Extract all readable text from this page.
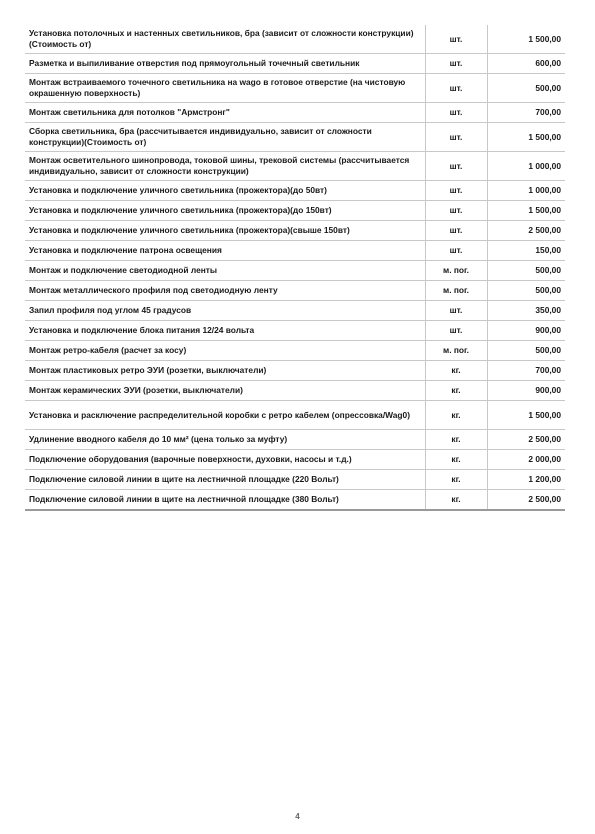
Установка потолочных и настенных светильников, бра (зависит от сложности конструкции)(Стоимость от)	шт.	1 500,00
Разметка и выпиливание отверстия под прямоугольный точечный светильник	шт.	600,00
Монтаж встраиваемого точечного светильника на wago в готовое отверстие (на чистовую окрашенную поверхность)	шт.	500,00
Монтаж светильника для потолков "Армстронг"	шт.	700,00
Сборка светильника, бра (рассчитывается индивидуально, зависит от сложности конструкции)(Стоимость от)	шт.	1 500,00
Монтаж осветительного шинопровода, токовой шины, трековой системы (рассчитывается индивидуально, зависит от сложности конструкции)	шт.	1 000,00
Установка и подключение уличного светильника (прожектора)(до 50вт)	шт.	1 000,00
Установка и подключение уличного светильника (прожектора)(до 150вт)	шт.	1 500,00
Установка и подключение уличного светильника (прожектора)(свыше 150вт)	шт.	2 500,00
Установка и подключение патрона освещения	шт.	150,00
Монтаж и подключение светодиодной ленты	м. пог.	500,00
Монтаж металлического профиля под светодиодную ленту	м. пог.	500,00
Запил профиля под углом 45 градусов	шт.	350,00
Установка и подключение блока питания 12/24 вольта	шт.	900,00
Монтаж ретро-кабеля (расчет за косу)	м. пог.	500,00
Монтаж пластиковых ретро ЭУИ (розетки, выключатели)	кг.	700,00
Монтаж керамических ЭУИ (розетки, выключатели)	кг.	900,00
Установка и расключение распределительной коробки с ретро кабелем (опрессовка/Wag0)	кг.	1 500,00
Удлинение вводного кабеля до 10 мм² (цена только за муфту)	кг.	2 500,00
Подключение оборудования (варочные поверхности, духовки, насосы и т.д.)	кг.	2 000,00
Подключение силовой линии в щите на лестничной площадке (220 Вольт)	кг.	1 200,00
Подключение силовой линии в щите на лестничной площадке (380 Вольт)	кг.	2 500,00
4
